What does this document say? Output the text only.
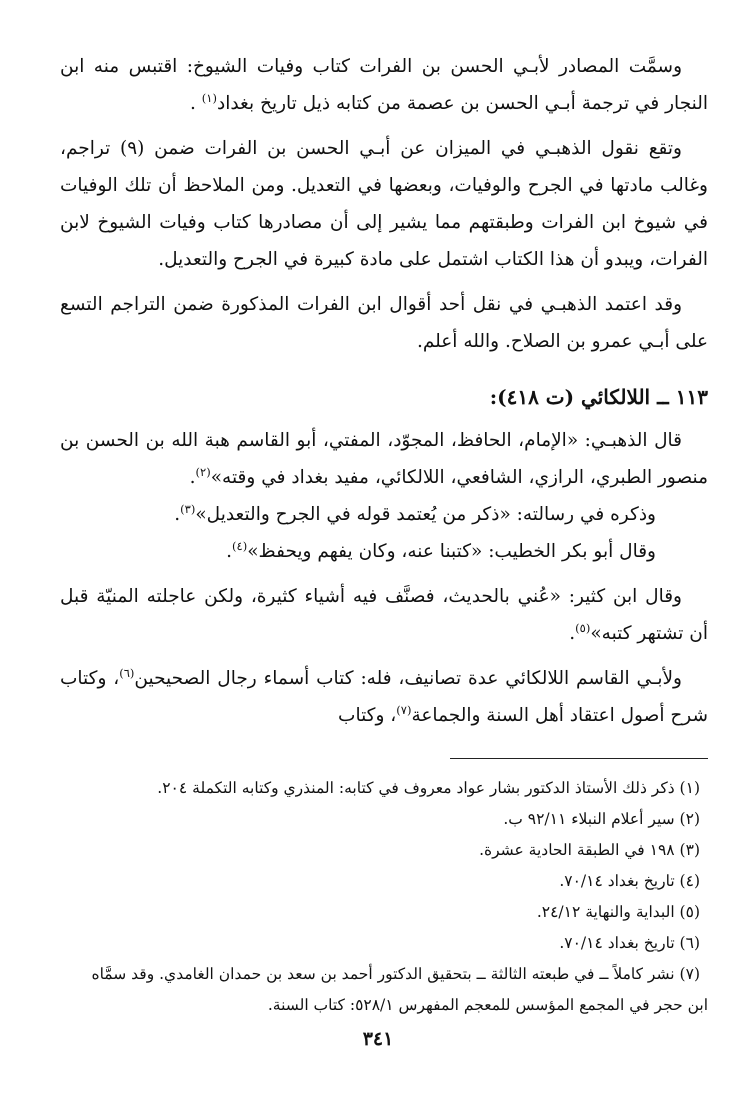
وسمَّت المصادر لأبـي الحسن بن الفرات كتاب وفيات الشيوخ: اقتبس منه ابن النجار في ترجمة أبـي الحسن بن عصمة من كتابه ذيل تاريخ بغداد$^{(١)}$ .

وتقع نقول الذهبـي في الميزان عن أبـي الحسن بن الفرات ضمن (٩) تراجم، وغالب مادتها في الجرح والوفيات، وبعضها في التعديل. ومن الملاحظ أن تلك الوفيات في شيوخ ابن الفرات وطبقتهم مما يشير إلى أن مصادرها كتاب وفيات الشيوخ لابن الفرات، ويبدو أن هذا الكتاب اشتمل على مادة كبيرة في الجرح والتعديل.

وقد اعتمد الذهبـي في نقل أحد أقوال ابن الفرات المذكورة ضمن التراجم التسع على أبـي عمرو بن الصلاح. والله أعلم.

١١٣ ــ اللالكائي (ت ٤١٨):

قال الذهبـي: «الإمام، الحافظ، المجوّد، المفتي، أبو القاسم هبة الله بن الحسن بن منصور الطبري، الرازي، الشافعي، اللالكائي، مفيد بغداد في وقته»$^{(٢)}$.

وذكره في رسالته: «ذكر من يُعتمد قوله في الجرح والتعديل»$^{(٣)}$.

وقال أبو بكر الخطيب: «كتبنا عنه، وكان يفهم ويحفظ»$^{(٤)}$.

وقال ابن كثير: «عُني بالحديث، فصنَّف فيه أشياء كثيرة، ولكن عاجلته المنيّة قبل أن تشتهر كتبه»$^{(٥)}$.

ولأبـي القاسم اللالكائي عدة تصانيف، فله: كتاب أسماء رجال الصحيحين$^{(٦)}$، وكتاب شرح أصول اعتقاد أهل السنة والجماعة$^{(٧)}$، وكتاب

(١) ذكر ذلك الأستاذ الدكتور بشار عواد معروف في كتابه: المنذري وكتابه التكملة ٢٠٤.
(٢) سير أعلام النبلاء ٩٢/١١ ب.
(٣) ١٩٨ في الطبقة الحادية عشرة.
(٤) تاريخ بغداد ٧٠/١٤.
(٥) البداية والنهاية ٢٤/١٢.
(٦) تاريخ بغداد ٧٠/١٤.
(٧) نشر كاملاً ــ في طبعته الثالثة ــ بتحقيق الدكتور أحمد بن سعد بن حمدان الغامدي. وقد سمَّاه
ابن حجر في المجمع المؤسس للمعجم المفهرس ٥٢٨/١: كتاب السنة.
٣٤١
